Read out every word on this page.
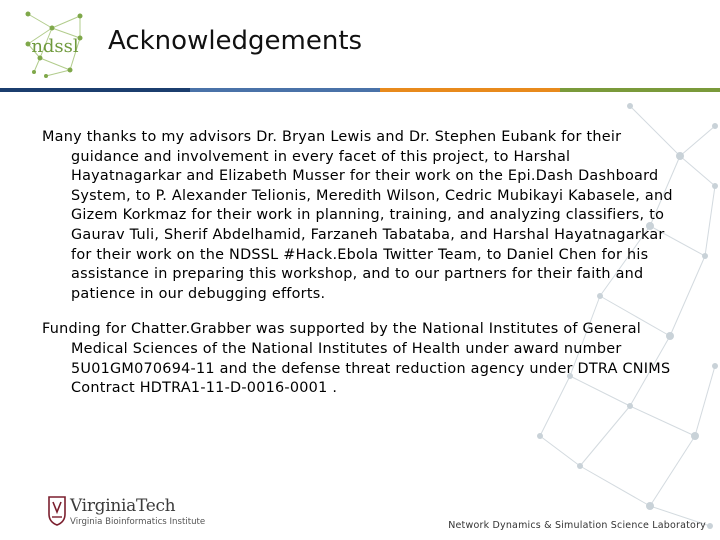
ndssl Acknowledgements

Many thanks to my advisors Dr. Bryan Lewis and Dr. Stephen Eubank for their guidance and involvement in every facet of this project, to Harshal Hayatnagarkar and Elizabeth Musser for their work on the Epi.Dash Dashboard System, to P. Alexander Telionis, Meredith Wilson, Cedric Mubikayi Kabasele, and Gizem Korkmaz for their work in planning, training, and analyzing classifiers, to Gaurav Tuli, Sherif Abdelhamid, Farzaneh Tabataba, and Harshal Hayatnagarkar for their work on the NDSSL #Hack.Ebola Twitter Team, to Daniel Chen for his assistance in preparing this workshop, and to our partners for their faith and patience in our debugging efforts.

Funding for Chatter.Grabber was supported by the National Institutes of General Medical Sciences of the National Institutes of Health under award number 5U01GM070694-11 and the defense threat reduction agency under DTRA CNIMS Contract HDTRA1-11-D-0016-0001 .

VirginiaTech
Virginia Bioinformatics Institute	Network Dynamics & Simulation Science Laboratory
